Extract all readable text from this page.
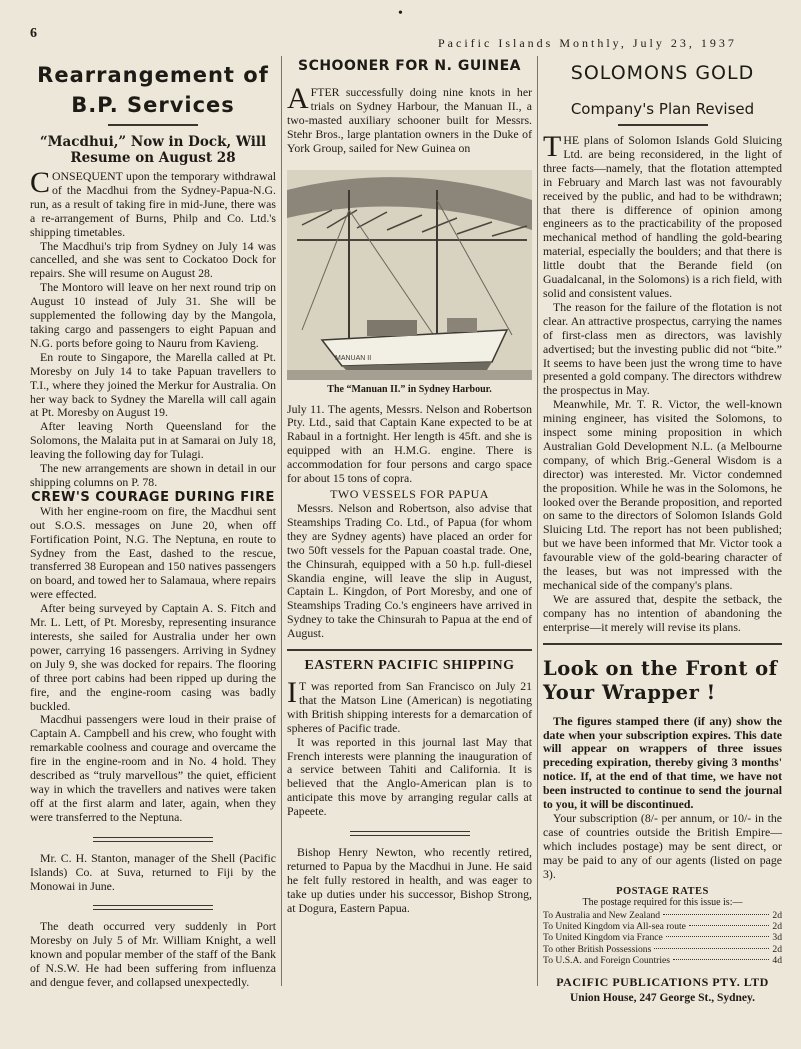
6
•
Pacific Islands Monthly, July 23, 1937
Rearrangement of
B.P. Services
“Macdhui,” Now in Dock, Will Resume on August 28

CONSEQUENT upon the temporary withdrawal of the Macdhui from the Sydney-Papua-N.G. run, as a result of taking fire in mid-June, there was a re-arrangement of Burns, Philp and Co. Ltd.'s shipping timetables.

The Macdhui's trip from Sydney on July 14 was cancelled, and she was sent to Cockatoo Dock for repairs. She will resume on August 28.

The Montoro will leave on her next round trip on August 10 instead of July 31. She will be supplemented the following day by the Mangola, taking cargo and passengers to eight Papuan and N.G. ports before going to Nauru from Kavieng.

En route to Singapore, the Marella called at Pt. Moresby on July 14 to take Papuan travellers to T.I., where they joined the Merkur for Australia. On her way back to Sydney the Marella will call again at Pt. Moresby on August 19.

After leaving North Queensland for the Solomons, the Malaita put in at Samarai on July 18, leaving the following day for Tulagi.

The new arrangements are shown in detail in our shipping columns on P. 78.

CREW'S COURAGE DURING FIRE

With her engine-room on fire, the Macdhui sent out S.O.S. messages on June 20, when off Fortification Point, N.G. The Neptuna, en route to Sydney from the East, dashed to the rescue, transferred 38 European and 150 natives passengers on board, and towed her to Salamaua, where repairs were effected.

After being surveyed by Captain A. S. Fitch and Mr. L. Lett, of Pt. Moresby, representing insurance interests, she sailed for Australia under her own power, carrying 16 passengers. Arriving in Sydney on July 9, she was docked for repairs. The flooring of three port cabins had been ripped up during the fire, and the engine-room casing was badly buckled.

Macdhui passengers were loud in their praise of Captain A. Campbell and his crew, who fought with remarkable coolness and courage and overcame the fire in the engine-room and in No. 4 hold. They described as “truly marvellous” the quiet, efficient way in which the travellers and natives were taken off at the first alarm and later, again, when they were transferred to the Neptuna.

Mr. C. H. Stanton, manager of the Shell (Pacific Islands) Co. at Suva, returned to Fiji by the Monowai in June.

The death occurred very suddenly in Port Moresby on July 5 of Mr. William Knight, a well known and popular member of the staff of the Bank of N.S.W. He had been suffering from influenza and dengue fever, and collapsed unexpectedly.

SCHOONER FOR N. GUINEA

AFTER successfully doing nine knots in her trials on Sydney Harbour, the Manuan II., a two-masted auxiliary schooner built for Messrs. Stehr Bros., large plantation owners in the Duke of York Group, sailed for New Guinea on

MANUAN II
The “Manuan II.” in Sydney Harbour.

July 11. The agents, Messrs. Nelson and Robertson Pty. Ltd., said that Captain Kane expected to be at Rabaul in a fortnight. Her length is 45ft. and she is equipped with an H.M.G. engine. There is accommodation for four persons and cargo space for about 15 tons of copra.

TWO VESSELS FOR PAPUA

Messrs. Nelson and Robertson, also advise that Steamships Trading Co. Ltd., of Papua (for whom they are Sydney agents) have placed an order for two 50ft vessels for the Papuan coastal trade. One, the Chinsurah, equipped with a 50 h.p. full-diesel Skandia engine, will leave the slip in August, Captain L. Kingdon, of Port Moresby, and one of Steamships Trading Co.'s engineers have arrived in Sydney to take the Chinsurah to Papua at the end of August.

EASTERN PACIFIC SHIPPING

IT was reported from San Francisco on July 21 that the Matson Line (American) is negotiating with British shipping interests for a demarcation of spheres of Pacific trade.

It was reported in this journal last May that French interests were planning the inauguration of a service between Tahiti and California. It is believed that the Anglo-American plan is to anticipate this move by arranging regular calls at Papeete.

Bishop Henry Newton, who recently retired, returned to Papua by the Macdhui in June. He said he felt fully restored in health, and was eager to take up duties under his successor, Bishop Strong, at Dogura, Eastern Papua.

SOLOMONS GOLD
Company's Plan Revised

THE plans of Solomon Islands Gold Sluicing Ltd. are being reconsidered, in the light of three facts—namely, that the flotation attempted in February and March last was not favourably received by the public, and had to be withdrawn; that there is difference of opinion among engineers as to the practicability of the proposed mechanical method of handling the gold-bearing material, especially the boulders; and that there is little doubt that the Berande field (on Guadalcanal, in the Solomons) is a rich field, with solid and consistent values.

The reason for the failure of the flotation is not clear. An attractive prospectus, carrying the names of first-class men as directors, was lavishly advertised; but the investing public did not “bite.” It seems to have been just the wrong time to have presented a gold company. The directors withdrew the prospectus in May.

Meanwhile, Mr. T. R. Victor, the well-known mining engineer, has visited the Solomons, to inspect some mining proposition in which Australian Gold Development N.L. (a Melbourne company, of which Brig.-General Wisdom is a director) was interested. Mr. Victor condemned the proposition. While he was in the Solomons, he looked over the Berande proposition, and reported on same to the directors of Solomon Islands Gold Sluicing Ltd. The report has not been published; but we have been informed that Mr. Victor took a favourable view of the gold-bearing character of the leases, but was not impressed with the mechanical side of the company's plans.

We are assured that, despite the setback, the company has no intention of abandoning the enterprise—it merely will revise its plans.

Look on the Front of Your Wrapper !

The figures stamped there (if any) show the date when your subscription expires. This date will appear on wrappers of three issues preceding expiration, thereby giving 3 months' notice. If, at the end of that time, we have not been instructed to continue to send the journal to you, it will be discontinued.

Your subscription (8/- per annum, or 10/- in the case of countries outside the British Empire—which includes postage) may be sent direct, or may be paid to any of our agents (listed on page 3).

POSTAGE RATES
The postage required for this issue is:—
To Australia and New Zealand	2d
To United Kingdom via All-sea route	2d
To United Kingdom via France	3d
To other British Possessions	2d
To U.S.A. and Foreign Countries	4d
PACIFIC PUBLICATIONS PTY. LTD
Union House, 247 George St., Sydney.
